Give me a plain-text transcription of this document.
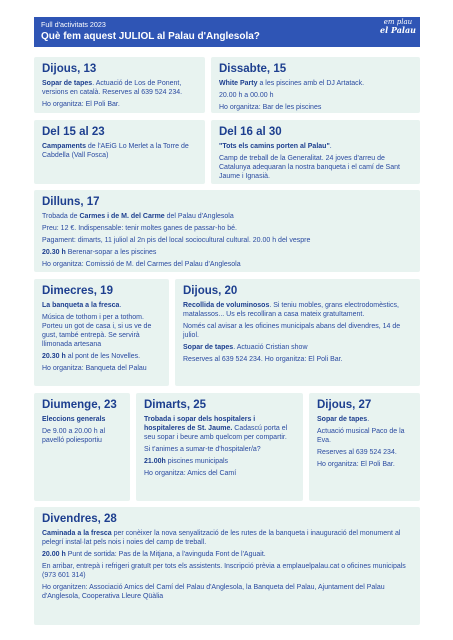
Full d'activitats 2023
Què fem aquest JULIOL al Palau d'Anglesola?
em plau
el Palau
Dijous, 13

Sopar de tapes. Actuació de Los de Ponent, versions en català. Reserves al 639 524 234.

Ho organitza: El Poli Bar.

Dissabte, 15

White Party a les piscines amb el DJ Artatack.

20.00 h a 00.00 h

Ho organitza: Bar de les piscines

Del 15 al 23

Campaments de l'AEiG Lo Merlet a la Torre de Cabdella (Vall Fosca)

Del 16 al 30

"Tots els camins porten al Palau".

Camp de treball de la Generalitat. 24 joves d'arreu de Catalunya adequaran la nostra banqueta i el camí de Sant Jaume i Ignasià.

Dilluns, 17

Trobada de Carmes i de M. del Carme del Palau d'Anglesola

Preu: 12 €. Indispensable: tenir moltes ganes de passar-ho bé.

Pagament: dimarts, 11 juliol al 2n pis del local sociocultural cultural. 20.00 h del vespre

20.30 h Berenar-sopar a les piscines

Ho organitza: Comissió de M. del Carmes del Palau d'Anglesola

Dimecres, 19

La banqueta a la fresca.

Música de tothom i per a tothom. Porteu un got de casa i, si us ve de gust, també entrepà. Se servirà llimonada artesana

20.30 h al pont de les Novelles.

Ho organitza: Banqueta del Palau

Dijous, 20

Recollida de voluminosos. Si teniu mobles, grans electrodomèstics, matalassos... Us els recolliran a casa mateix gratuïtament.

Només cal avisar a les oficines municipals abans del divendres, 14 de juliol.

Sopar de tapes. Actuació Cristian show

Reserves al 639 524 234. Ho organitza: El Poli Bar.

Diumenge, 23

Eleccions generals

De 9.00 a 20.00 h al pavelló poliesportiu

Dimarts, 25

Trobada i sopar dels hospitalers i hospitaleres de St. Jaume. Cadascú porta el seu sopar i beure amb quelcom per compartir.

Si t'animes a sumar-te d'hospitaler/a?

21.00h piscines municipals

Ho organitza: Amics del Camí

Dijous, 27

Sopar de tapes.

Actuació musical Paco de la Eva.

Reserves al 639 524 234.

Ho organitza: El Poli Bar.

Divendres, 28

Caminada a la fresca per conèixer la nova senyalització de les rutes de la banqueta i inauguració del monument al pelegrí instal·lat pels nois i noies del camp de treball.

20.00 h Punt de sortida: Pas de la Mitjana, a l'avinguda Font de l'Aguait.

En arribar, entrepà i refrigeri gratuït per tots els assistents. Inscripció prèvia a emplauelpalau.cat o oficines municipals (973 601 314)

Ho organitzen: Associació Amics del Camí del Palau d'Anglesola, la Banqueta del Palau, Ajuntament del Palau d'Anglesola, Cooperativa Lleure Qüàlia
